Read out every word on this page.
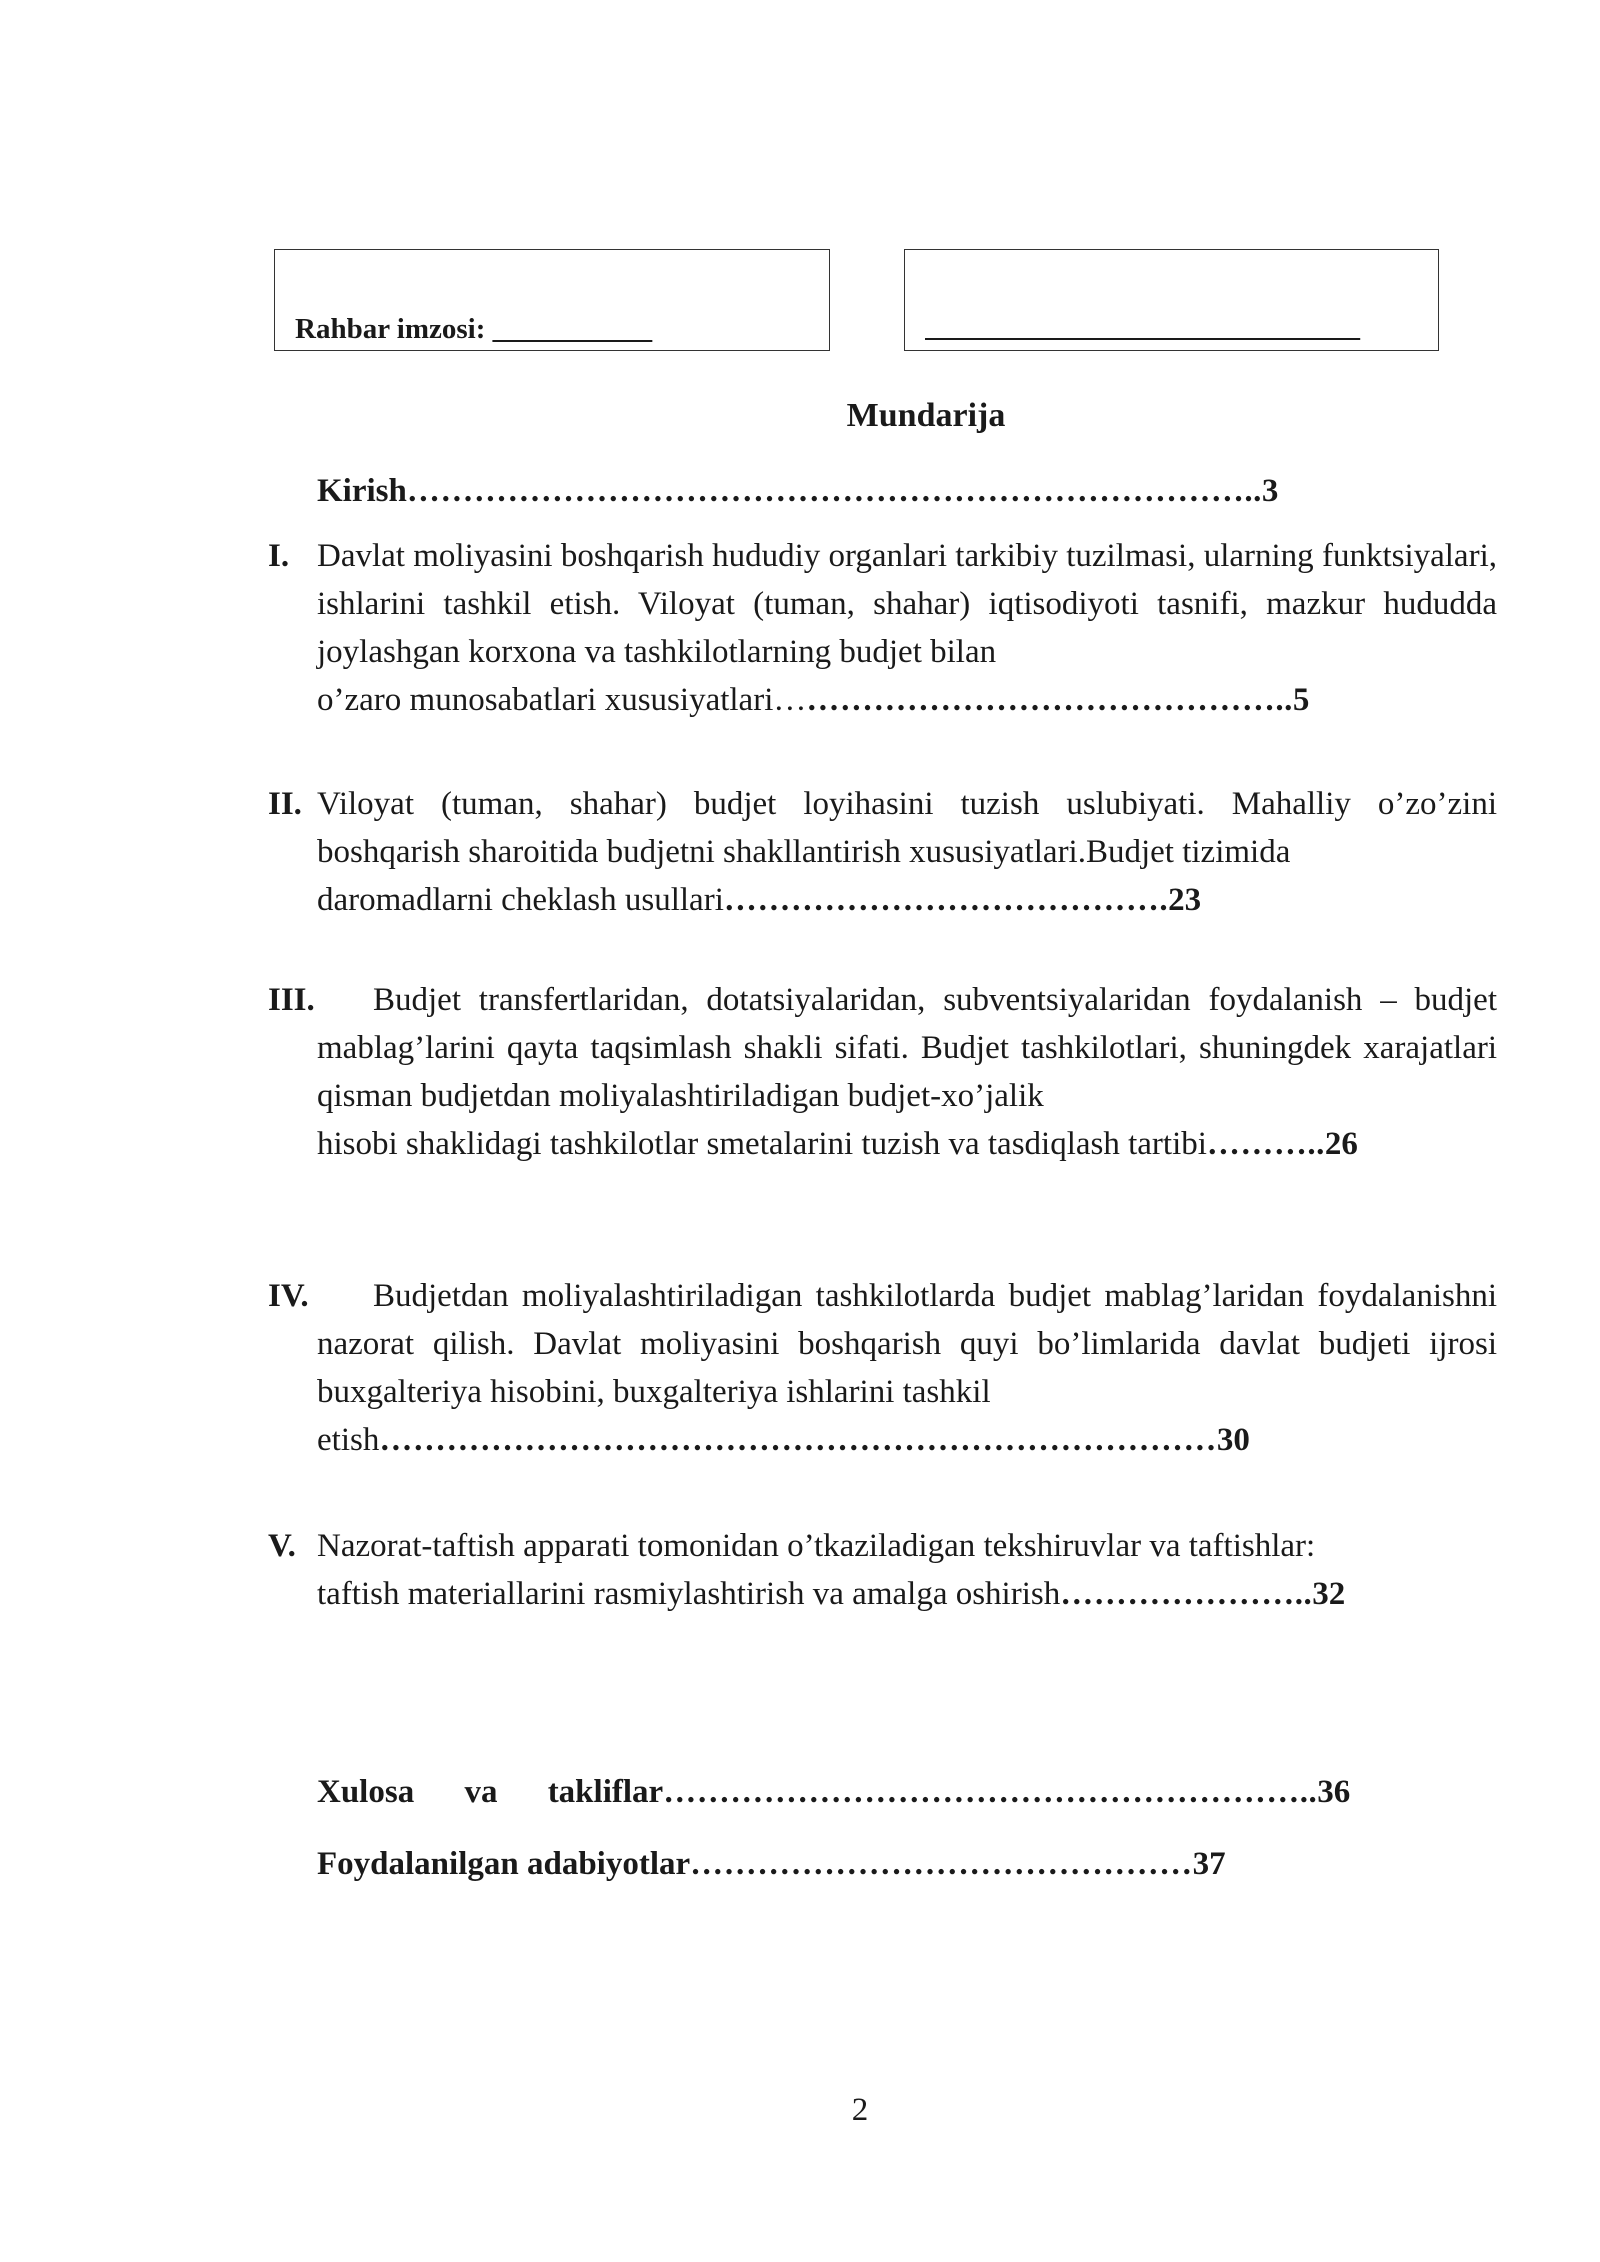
Rahbar imzosi: ___________	______________________________
Mundarija
Kirish…………………………………………………………………..3
I. Davlat moliyasini boshqarish hududiy organlari tarkibiy tuzilmasi, ularning funktsiyalari, ishlarini tashkil etish. Viloyat (tuman, shahar) iqtisodiyoti tasnifi, mazkur hududda joylashgan korxona va tashkilotlarning budjet bilan
o’zaro munosabatlari xususiyatlari………………………………………..5
II. Viloyat (tuman, shahar) budjet loyihasini tuzish uslubiyati. Mahalliy o’zo’zini boshqarish sharoitida budjetni shakllantirish xususiyatlari.Budjet tizimida
daromadlarni cheklash usullari………………………………….23
III.	Budjet transfertlaridan, dotatsiyalaridan, subventsiyalaridan foydalanish – budjet mablag’larini qayta taqsimlash shakli sifati. Budjet tashkilotlari, shuningdek xarajatlari qisman budjetdan moliyalashtiriladigan budjet-xo’jalik
hisobi shaklidagi tashkilotlar smetalarini tuzish va tasdiqlash tartibi………..26
IV.	Budjetdan moliyalashtiriladigan tashkilotlarda budjet mablag’laridan foydalanishni nazorat qilish. Davlat moliyasini boshqarish quyi bo’limlarida davlat budjeti ijrosi buxgalteriya hisobini, buxgalteriya ishlarini tashkil
etish…………………………………………………………………30
V. Nazorat-taftish apparati tomonidan o’tkaziladigan tekshiruvlar va taftishlar:
taftish materiallarini rasmiylashtirish va amalga oshirish…………………..32
Xulosa va takliflar…………………………………………………..36
Foydalanilgan adabiyotlar………………………………………37
2
